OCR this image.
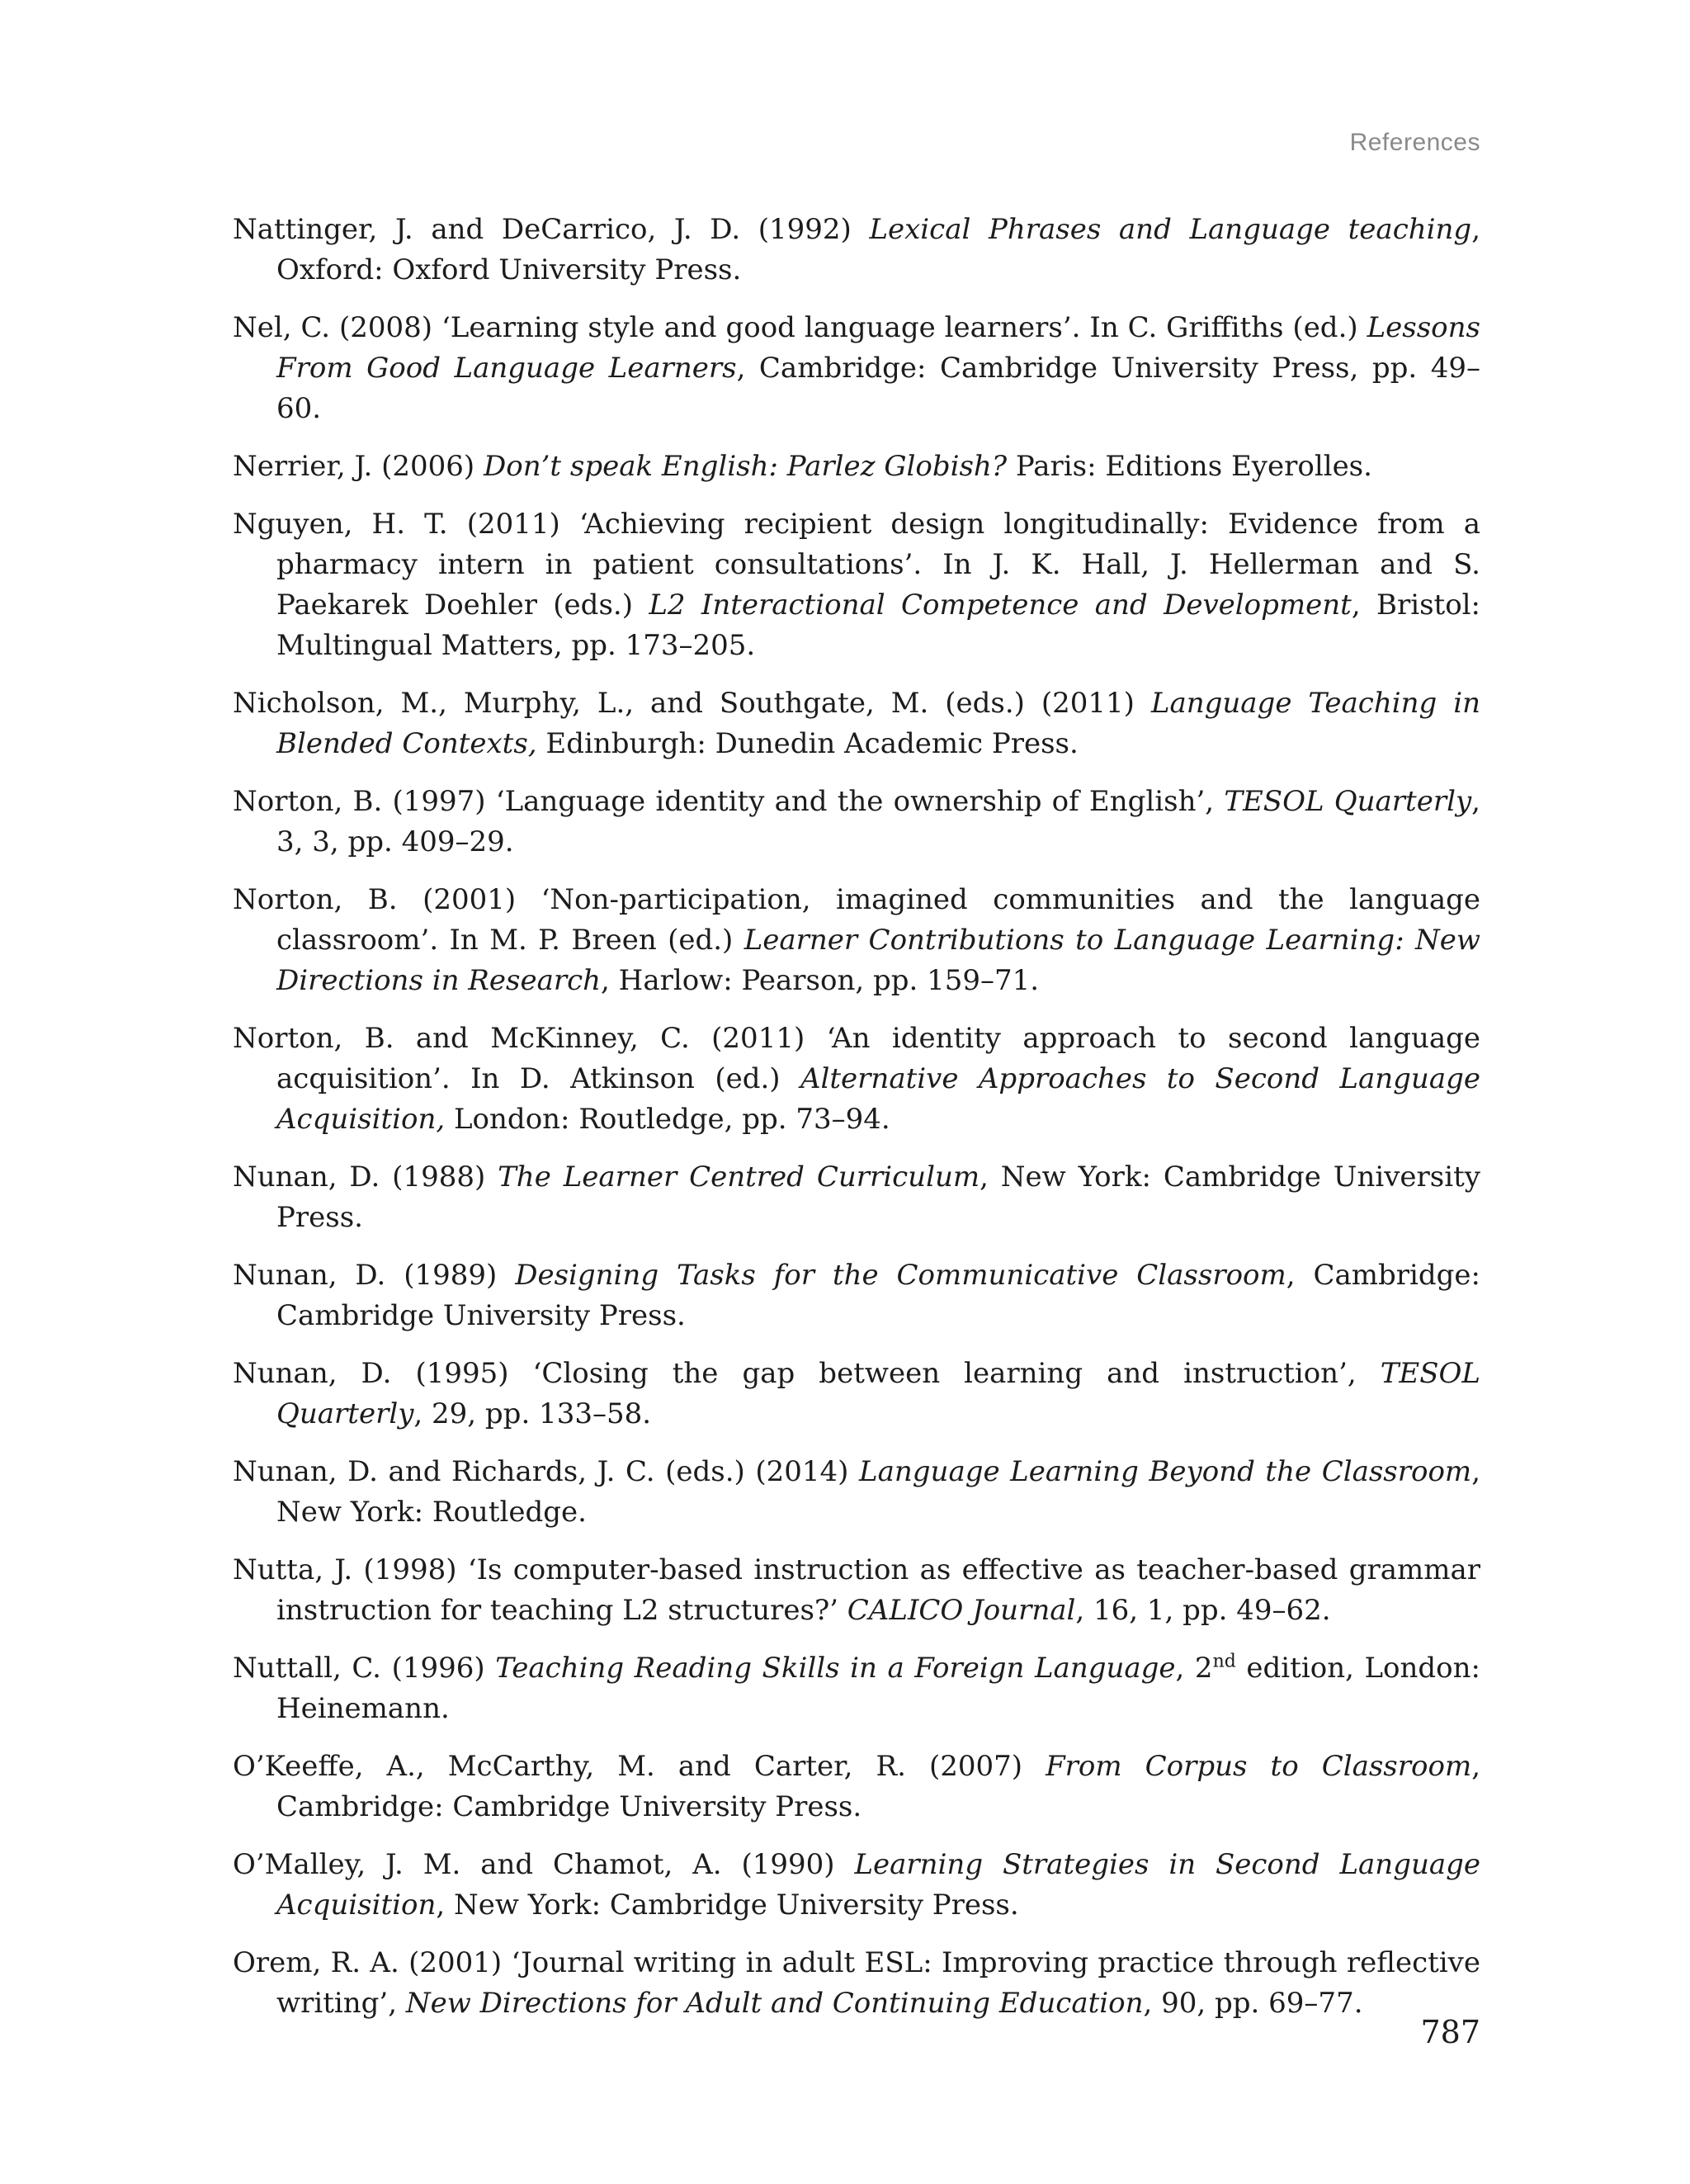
References

Nattinger, J. and DeCarrico, J. D. (1992) Lexical Phrases and Language teaching, Oxford: Oxford University Press.

Nel, C. (2008) ‘Learning style and good language learners’. In C. Griffiths (ed.) Lessons From Good Language Learners, Cambridge: Cambridge University Press, pp. 49–60.

Nerrier, J. (2006) Don’t speak English: Parlez Globish? Paris: Editions Eyerolles.

Nguyen, H. T. (2011) ‘Achieving recipient design longitudinally: Evidence from a pharmacy intern in patient consultations’. In J. K. Hall, J. Hellerman and S. Paekarek Doehler (eds.) L2 Interactional Competence and Development, Bristol: Multingual Matters, pp. 173–205.

Nicholson, M., Murphy, L., and Southgate, M. (eds.) (2011) Language Teaching in Blended Contexts, Edinburgh: Dunedin Academic Press.

Norton, B. (1997) ‘Language identity and the ownership of English’, TESOL Quarterly, 3, 3, pp. 409–29.

Norton, B. (2001) ‘Non-participation, imagined communities and the language classroom’. In M. P. Breen (ed.) Learner Contributions to Language Learning: New Directions in Research, Harlow: Pearson, pp. 159–71.

Norton, B. and McKinney, C. (2011) ‘An identity approach to second language acquisition’. In D. Atkinson (ed.) Alternative Approaches to Second Language Acquisition, London: Routledge, pp. 73–94.

Nunan, D. (1988) The Learner Centred Curriculum, New York: Cambridge University Press.

Nunan, D. (1989) Designing Tasks for the Communicative Classroom, Cambridge: Cambridge University Press.

Nunan, D. (1995) ‘Closing the gap between learning and instruction’, TESOL Quarterly, 29, pp. 133–58.

Nunan, D. and Richards, J. C. (eds.) (2014) Language Learning Beyond the Classroom, New York: Routledge.

Nutta, J. (1998) ‘Is computer-based instruction as effective as teacher-based grammar instruction for teaching L2 structures?’ CALICO Journal, 16, 1, pp. 49–62.

Nuttall, C. (1996) Teaching Reading Skills in a Foreign Language, 2nd edition, London: Heinemann.

O’Keeffe, A., McCarthy, M. and Carter, R. (2007) From Corpus to Classroom, Cambridge: Cambridge University Press.

O’Malley, J. M. and Chamot, A. (1990) Learning Strategies in Second Language Acquisition, New York: Cambridge University Press.

Orem, R. A. (2001) ‘Journal writing in adult ESL: Improving practice through reflective writing’, New Directions for Adult and Continuing Education, 90, pp. 69–77.

787
